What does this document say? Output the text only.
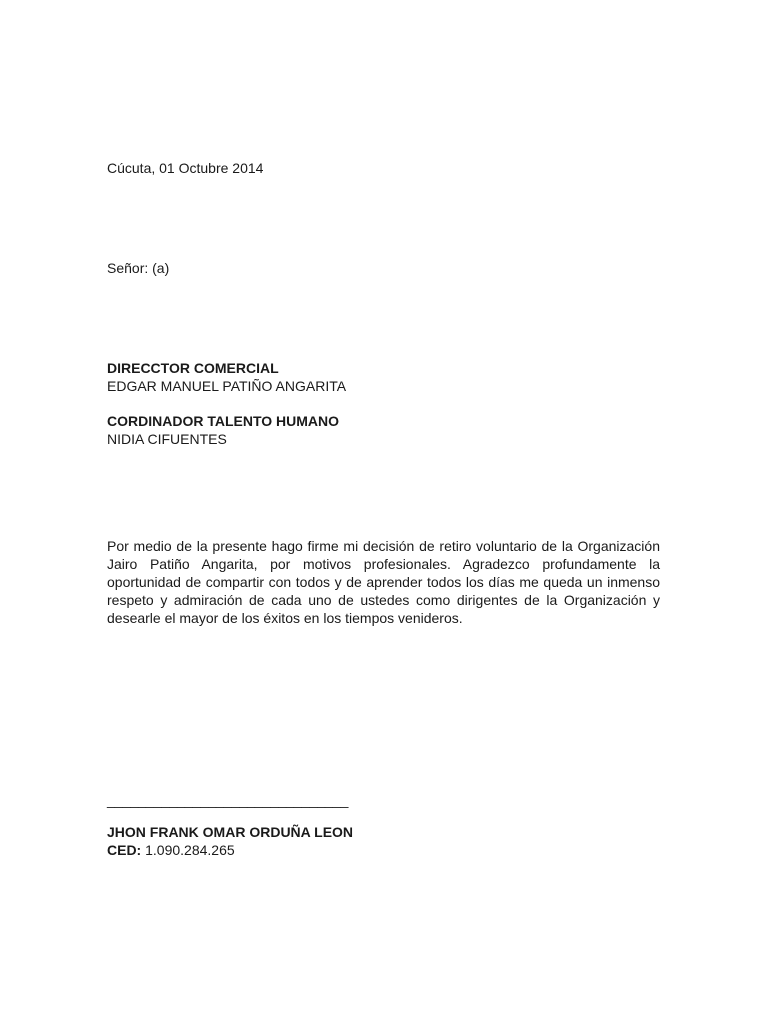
Cúcuta, 01 Octubre 2014
Señor: (a)
DIRECCTOR COMERCIAL
EDGAR MANUEL PATIÑO ANGARITA
CORDINADOR TALENTO HUMANO
NIDIA CIFUENTES
Por medio de la presente hago firme mi decisión de retiro voluntario de la Organización Jairo Patiño Angarita, por motivos profesionales. Agradezco profundamente la oportunidad de compartir con todos y de aprender todos los días me queda un inmenso respeto y admiración de cada uno de ustedes como dirigentes de la Organización y desearle el mayor de los éxitos en los tiempos venideros.
_______________________________
JHON FRANK OMAR ORDUÑA LEON
CED: 1.090.284.265
